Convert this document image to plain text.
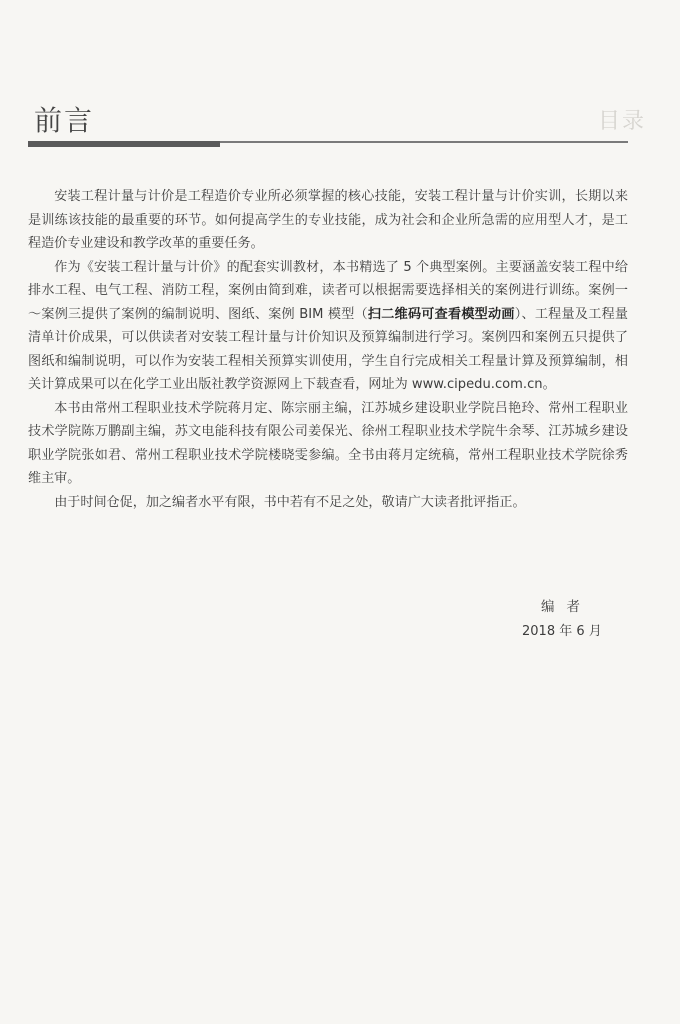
目录
前言

安装工程计量与计价是工程造价专业所必须掌握的核心技能，安装工程计量与计价实训，长期以来是训练该技能的最重要的环节。如何提高学生的专业技能，成为社会和企业所急需的应用型人才，是工程造价专业建设和教学改革的重要任务。

作为《安装工程计量与计价》的配套实训教材，本书精选了 5 个典型案例。主要涵盖安装工程中给排水工程、电气工程、消防工程，案例由简到难，读者可以根据需要选择相关的案例进行训练。案例一～案例三提供了案例的编制说明、图纸、案例 BIM 模型（扫二维码可查看模型动画）、工程量及工程量清单计价成果，可以供读者对安装工程计量与计价知识及预算编制进行学习。案例四和案例五只提供了图纸和编制说明，可以作为安装工程相关预算实训使用，学生自行完成相关工程量计算及预算编制，相关计算成果可以在化学工业出版社教学资源网上下载查看，网址为 www.cipedu.com.cn。

本书由常州工程职业技术学院蒋月定、陈宗丽主编，江苏城乡建设职业学院吕艳玲、常州工程职业技术学院陈万鹏副主编，苏文电能科技有限公司姜保光、徐州工程职业技术学院牛余琴、江苏城乡建设职业学院张如君、常州工程职业技术学院楼晓雯参编。全书由蒋月定统稿，常州工程职业技术学院徐秀维主审。

由于时间仓促，加之编者水平有限，书中若有不足之处，敬请广大读者批评指正。

编者
2018 年 6 月
